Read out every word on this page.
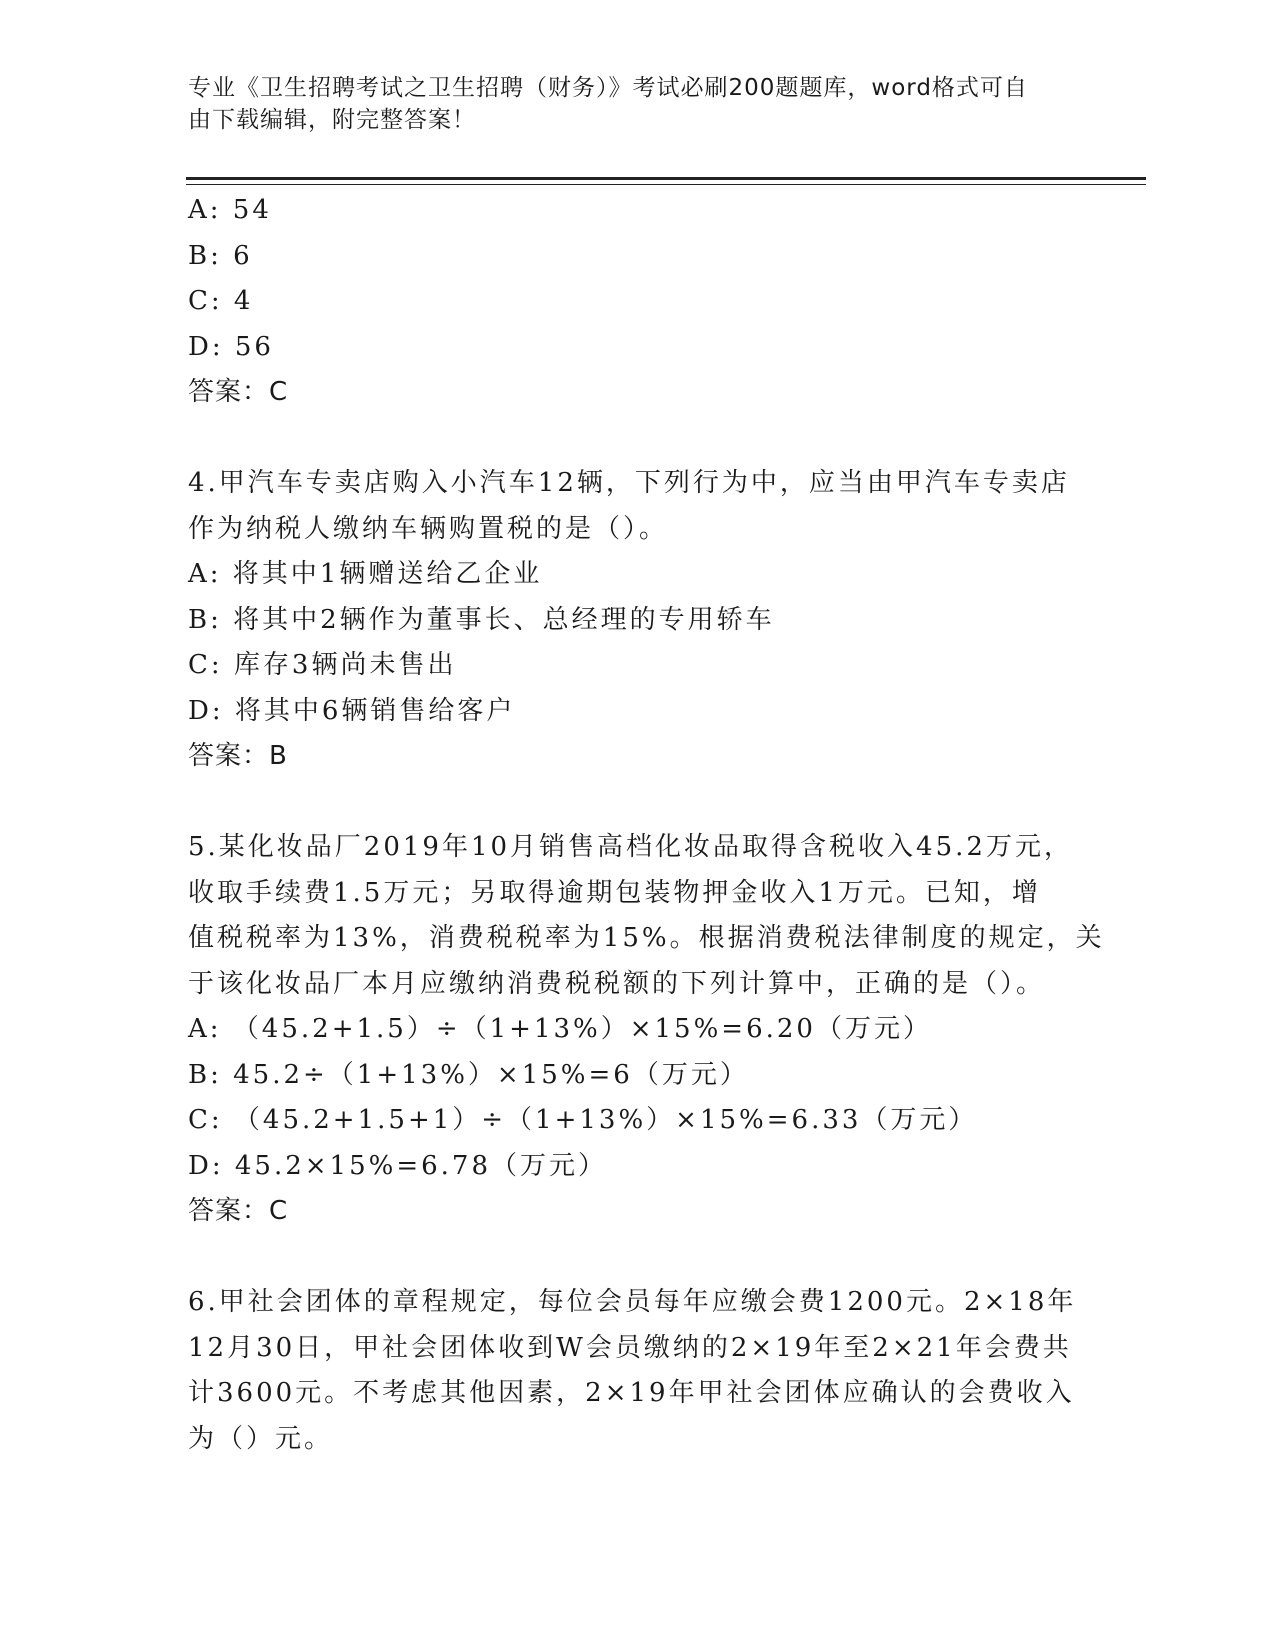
专业《卫生招聘考试之卫生招聘（财务）》考试必刷200题题库，word格式可自
由下载编辑，附完整答案！
A: 54
B: 6
C: 4
D: 56
答案：C
4.甲汽车专卖店购入小汽车12辆，下列行为中，应当由甲汽车专卖店
作为纳税人缴纳车辆购置税的是（）。
A: 将其中1辆赠送给乙企业
B: 将其中2辆作为董事长、总经理的专用轿车
C: 库存3辆尚未售出
D: 将其中6辆销售给客户
答案：B
5.某化妆品厂2019年10月销售高档化妆品取得含税收入45.2万元，
收取手续费1.5万元；另取得逾期包装物押金收入1万元。已知，增
值税税率为13%，消费税税率为15%。根据消费税法律制度的规定，关
于该化妆品厂本月应缴纳消费税税额的下列计算中，正确的是（）。
A: （45.2+1.5）÷（1+13%）×15%=6.20（万元）
B: 45.2÷（1+13%）×15%=6（万元）
C: （45.2+1.5+1）÷（1+13%）×15%=6.33（万元）
D: 45.2×15%=6.78（万元）
答案：C
6.甲社会团体的章程规定，每位会员每年应缴会费1200元。2×18年
12月30日，甲社会团体收到W会员缴纳的2×19年至2×21年会费共
计3600元。不考虑其他因素，2×19年甲社会团体应确认的会费收入
为（）元。
